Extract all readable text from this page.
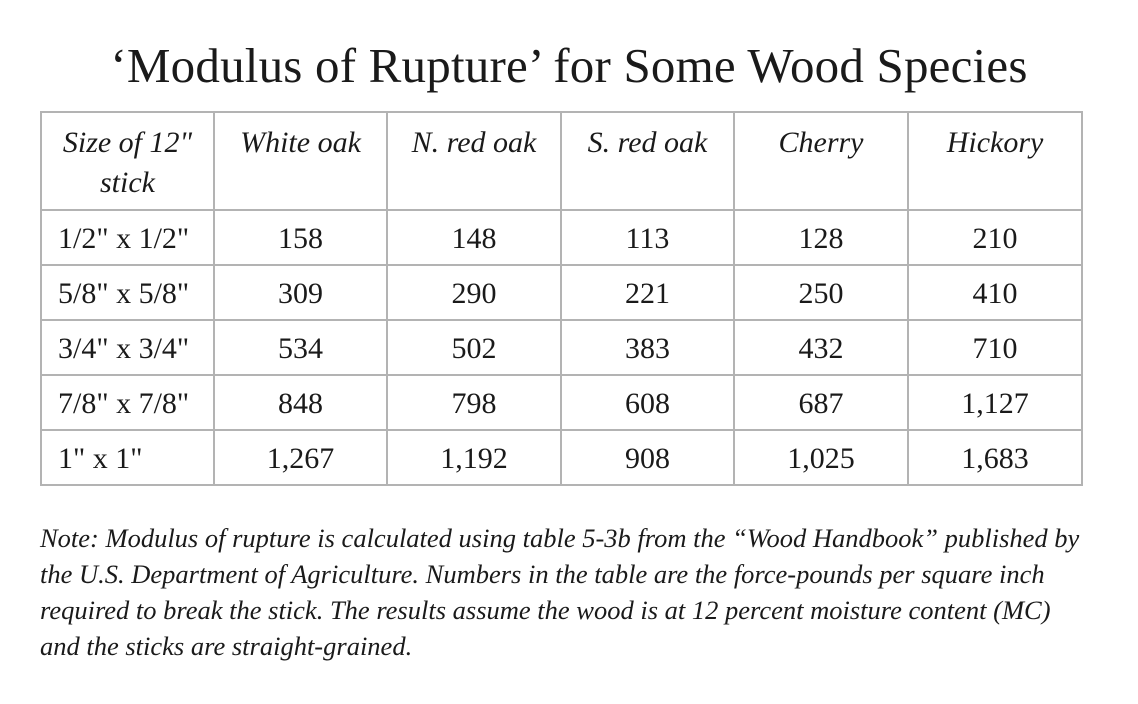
‘Modulus of Rupture’ for Some Wood Species
Size of 12" stick	White oak	N. red oak	S. red oak	Cherry	Hickory
1/2" x 1/2"	158	148	113	128	210
5/8" x 5/8"	309	290	221	250	410
3/4" x 3/4"	534	502	383	432	710
7/8" x 7/8"	848	798	608	687	1,127
1" x 1"	1,267	1,192	908	1,025	1,683

Note: Modulus of rupture is calculated using table 5-3b from the “Wood Handbook” published by the U.S. Department of Agriculture. Numbers in the table are the force-pounds per square inch required to break the stick. The results assume the wood is at 12 percent moisture content (MC) and the sticks are straight-grained.
